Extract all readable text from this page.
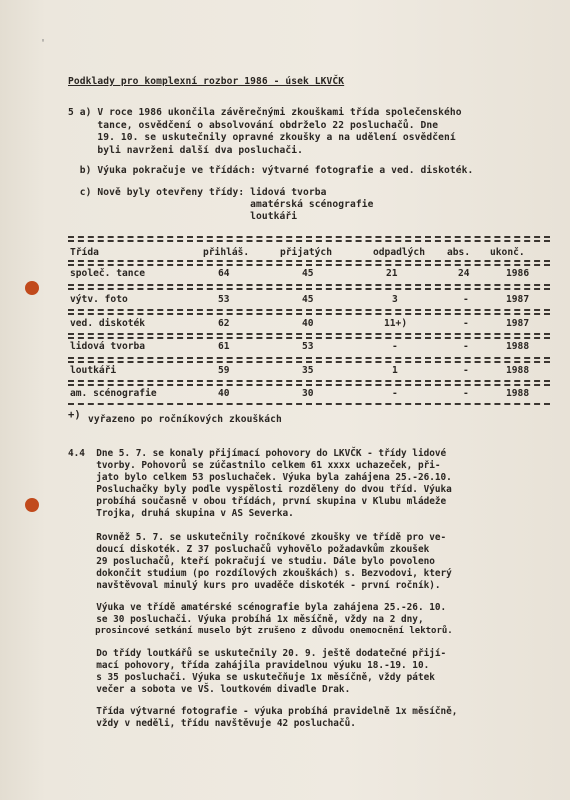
'
Podklady pro komplexní rozbor 1986 - úsek LKVČK
5 a) V roce 1986 ukončila závěrečnými zkouškami třída společenského
tance, osvědčení o absolvování obdrželo 22 posluchačů. Dne
19. 10. se uskutečnily opravné zkoušky a na udělení osvědčení
byli navrženi další dva posluchači.
b) Výuka pokračuje ve třídách: výtvarné fotografie a ved. diskoték.
c) Nově byly otevřeny třídy: lidová tvorba
amatérská scénografie
loutkáři
Třída	přihláš.	přijatých	odpadlých abs. ukonč.
společ. tance	64	45	21	24	1986
výtv. foto	53	45	3	-	1987
ved. diskoték	62	40	11+)	-	1987
lidová tvorba	61	53	-	-	1988
loutkáři	59	35	1	-	1988
am. scénografie	40	30	-	-	1988
+) vyřazeno po ročníkových zkouškách
4.4  Dne 5. 7. se konaly přijímací pohovory do LKVČK - třídy lidové
tvorby. Pohovorů se zúčastnilo celkem 61 xxxx uchazeček, při-
jato bylo celkem 53 posluchaček. Výuka byla zahájena 25.-26.10.
Posluchačky byly podle vyspělosti rozděleny do dvou tříd. Výuka
probíhá současně v obou třídách, první skupina v Klubu mládeže
Trojka, druhá skupina v AS Severka.
Rovněž 5. 7. se uskutečnily ročníkové zkoušky ve třídě pro ve-
doucí diskoték. Z 37 posluchačů vyhovělo požadavkům zkoušek
29 posluchačů, kteří pokračují ve studiu. Dále bylo povoleno
dokončit studium (po rozdílových zkouškách) s. Bezvodovi, který
navštěvoval minulý kurs pro uvaděče diskoték - první ročník).
Výuka ve třídě amatérské scénografie byla zahájena 25.-26. 10.
se 30 posluchači. Výuka probíhá 1x měsíčně, vždy na 2 dny,
prosincové setkání muselo být zrušeno z důvodu onemocnění lektorů.
Do třídy loutkářů se uskutečnily 20. 9. ještě dodatečné přijí-
mací pohovory, třída zahájila pravidelnou výuku 18.-19. 10.
s 35 posluchači. Výuka se uskutečňuje 1x měsíčně, vždy pátek
večer a sobota ve VŠ. loutkovém divadle Drak.
Třída výtvarné fotografie - výuka probíhá pravidelně 1x měsíčně,
vždy v neděli, třídu navštěvuje 42 posluchačů.
